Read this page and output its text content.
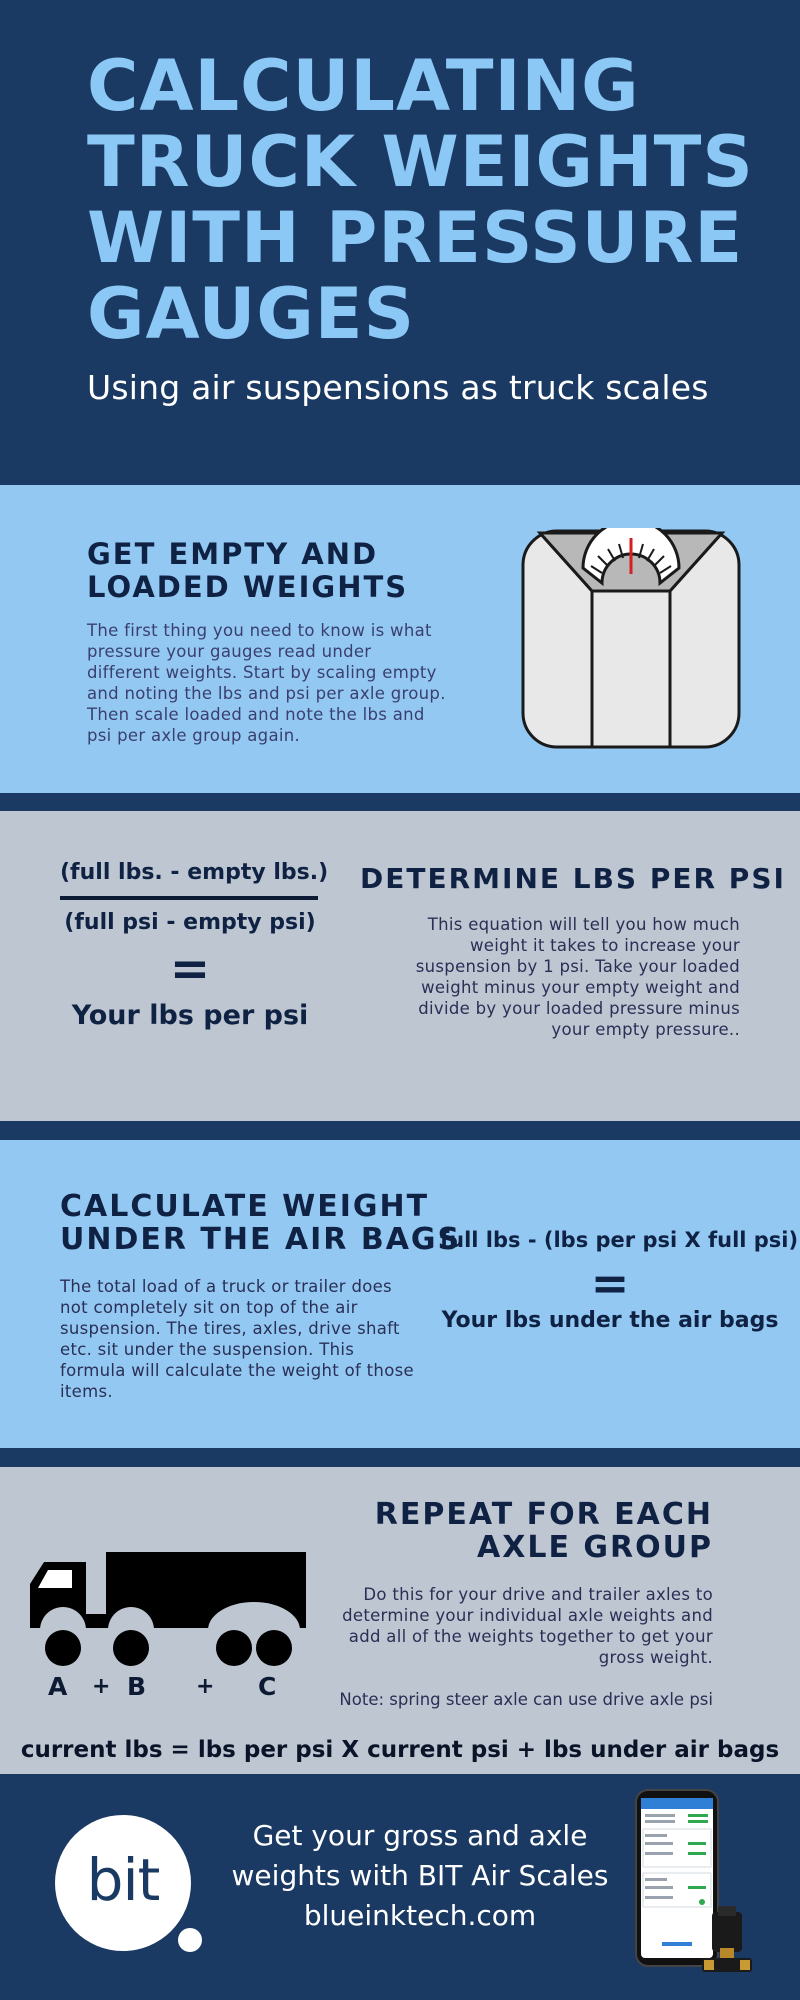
CALCULATING
TRUCK WEIGHTS
WITH PRESSURE
GAUGES
Using air suspensions as truck scales
GET EMPTY AND
LOADED WEIGHTS

The first thing you need to know is what pressure your gauges read under different weights. Start by scaling empty and noting the lbs and psi per axle group. Then scale loaded and note the lbs and psi per axle group again.

(full lbs. - empty lbs.)
(full psi - empty psi)
=
Your lbs per psi
DETERMINE LBS PER PSI

This equation will tell you how much weight it takes to increase your suspension by 1 psi. Take your loaded weight minus your empty weight and divide by your loaded pressure minus your empty pressure..

CALCULATE WEIGHT
UNDER THE AIR BAGS

The total load of a truck or trailer does not completely sit on top of the air suspension. The tires, axles, drive shaft etc. sit under the suspension. This formula will calculate the weight of those items.

full lbs - (lbs per psi X full psi)
=
Your lbs under the air bags
REPEAT FOR EACH
AXLE GROUP

Do this for your drive and trailer axles to determine your individual axle weights and add all of the weights together to get your gross weight.

Note: spring steer axle can use drive axle psi
A + B + C
current lbs = lbs per psi X current psi + lbs under air bags
bit
Get your gross and axle
weights with BIT Air Scales
blueinktech.com
